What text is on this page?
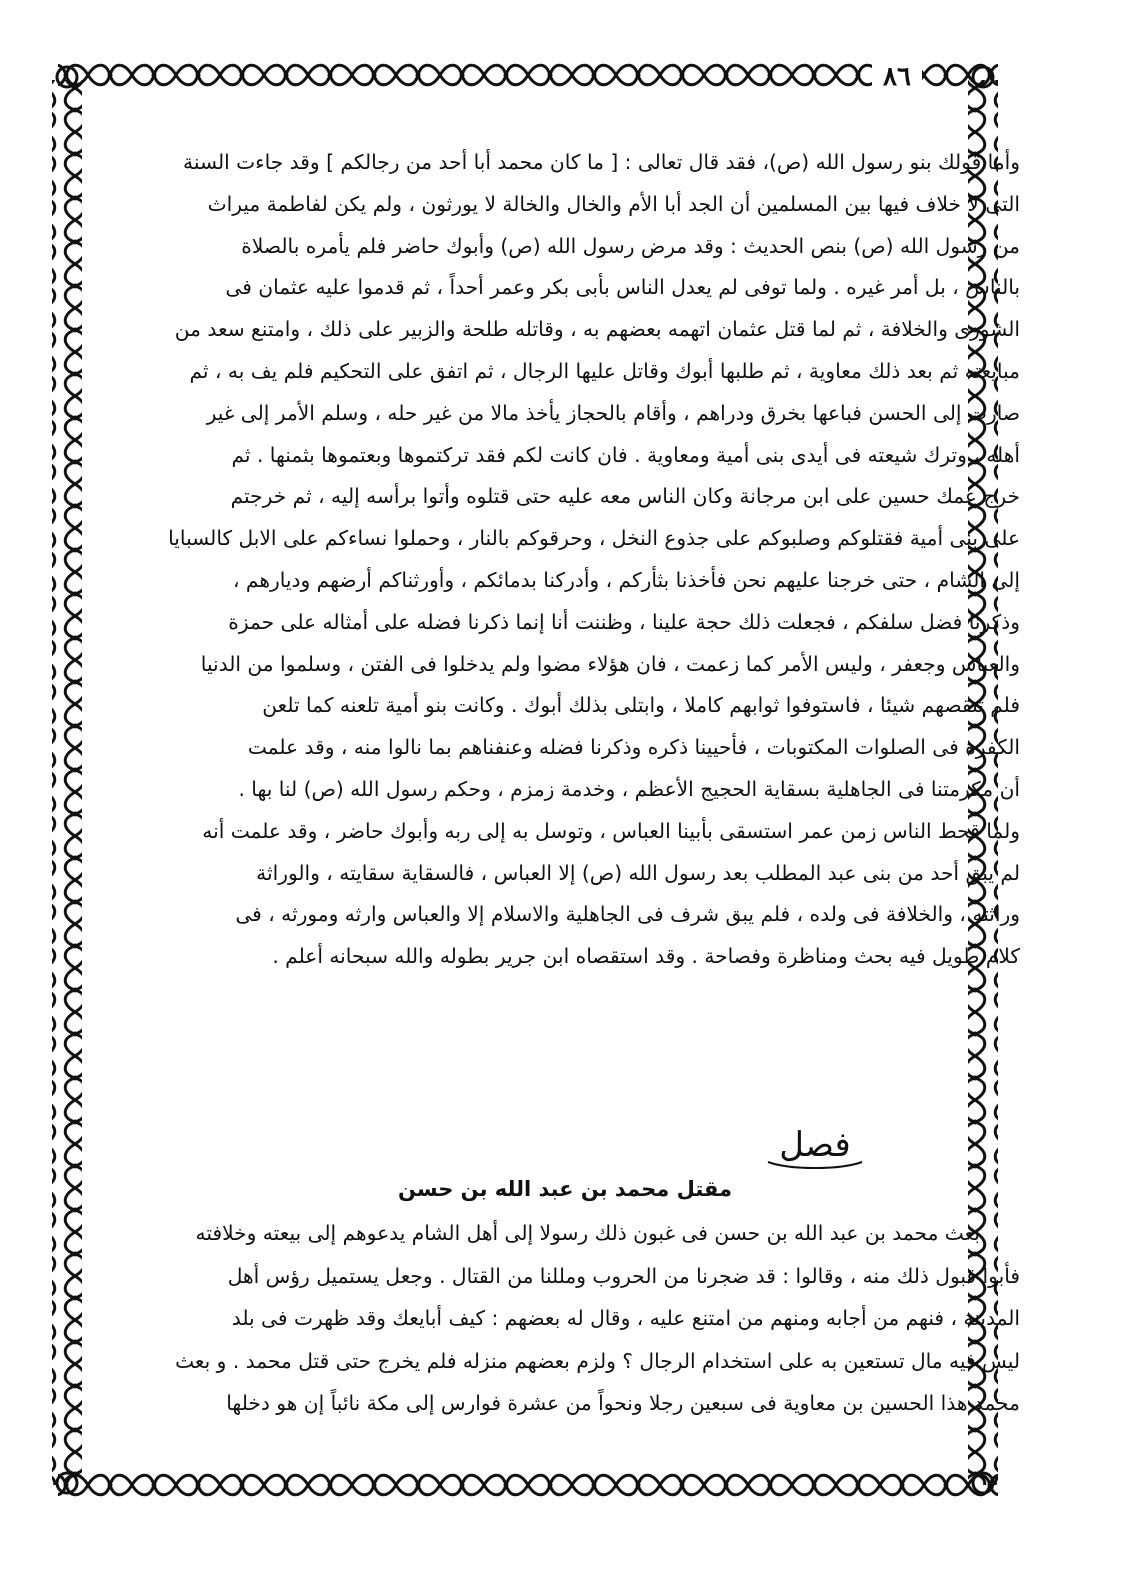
٨٦
وأما قولك بنو رسول الله (ص)، فقد قال تعالى : [ ما كان محمد أبا أحد من رجالكم ] وقد جاءت السنة
التى لا خلاف فيها بين المسلمين أن الجد أبا الأم والخال والخالة لا يورثون ، ولم يكن لفاطمة ميراث
من رسول الله (ص) بنص الحديث : وقد مرض رسول الله (ص) وأبوك حاضر فلم يأمره بالصلاة
بالناس ، بل أمر غيره . ولما توفى لم يعدل الناس بأبى بكر وعمر أحداً ، ثم قدموا عليه عثمان فى
الشورى والخلافة ، ثم لما قتل عثمان اتهمه بعضهم به ، وقاتله طلحة والزبير على ذلك ، وامتنع سعد من
مبايعته ثم بعد ذلك معاوية ، ثم طلبها أبوك وقاتل عليها الرجال ، ثم اتفق على التحكيم فلم يف به ، ثم
صارت إلى الحسن فباعها بخرق ودراهم ، وأقام بالحجاز يأخذ مالا من غير حله ، وسلم الأمر إلى غير
أهله ، وترك شيعته فى أيدى بنى أمية ومعاوية . فان كانت لكم فقد تركتموها وبعتموها بثمنها . ثم
خرج عمك حسين على ابن مرجانة وكان الناس معه عليه حتى قتلوه وأتوا برأسه إليه ، ثم خرجتم
على بنى أمية فقتلوكم وصلبوكم على جذوع النخل ، وحرقوكم بالنار ، وحملوا نساءكم على الابل كالسبايا
إلى الشام ، حتى خرجنا عليهم نحن فأخذنا بثأركم ، وأدركنا بدمائكم ، وأورثناكم أرضهم وديارهم ،
وذكرنا فضل سلفكم ، فجعلت ذلك حجة علينا ، وظننت أنا إنما ذكرنا فضله على أمثاله على حمزة
والعباس وجعفر ، وليس الأمر كما زعمت ، فان هؤلاء مضوا ولم يدخلوا فى الفتن ، وسلموا من الدنيا
فلم تنقصهم شيئا ، فاستوفوا ثوابهم كاملا ، وابتلى بذلك أبوك . وكانت بنو أمية تلعنه كما تلعن
الكفرة فى الصلوات المكتوبات ، فأحيينا ذكره وذكرنا فضله وعنفناهم بما نالوا منه ، وقد علمت
أن مكرمتنا فى الجاهلية بسقاية الحجيج الأعظم ، وخدمة زمزم ، وحكم رسول الله (ص) لنا بها .
ولما قحط الناس زمن عمر استسقى بأبينا العباس ، وتوسل به إلى ربه وأبوك حاضر ، وقد علمت أنه
لم يبق أحد من بنى عبد المطلب بعد رسول الله (ص) إلا العباس ، فالسقاية سقايته ، والوراثة
وراثته ، والخلافة فى ولده ، فلم يبق شرف فى الجاهلية والاسلام إلا والعباس وارثه ومورثه ، فى
كلام طويل فيه بحث ومناظرة وفصاحة . وقد استقصاه ابن جرير بطوله والله سبحانه أعلم .
فصل
مقتل محمد بن عبد الله بن حسن
بعث محمد بن عبد الله بن حسن فى غبون ذلك رسولا إلى أهل الشام يدعوهم إلى بيعته وخلافته
فأبوا قبول ذلك منه ، وقالوا : قد ضجرنا من الحروب ومللنا من القتال . وجعل يستميل رؤس أهل
المدينة ، فنهم من أجابه ومنهم من امتنع عليه ، وقال له بعضهم : كيف أبايعك وقد ظهرت فى بلد
ليس فيه مال تستعين به على استخدام الرجال ؟ ولزم بعضهم منزله فلم يخرج حتى قتل محمد . و بعث
محمد هذا الحسين بن معاوية فى سبعين رجلا ونحواً من عشرة فوارس إلى مكة نائباً إن هو دخلها
